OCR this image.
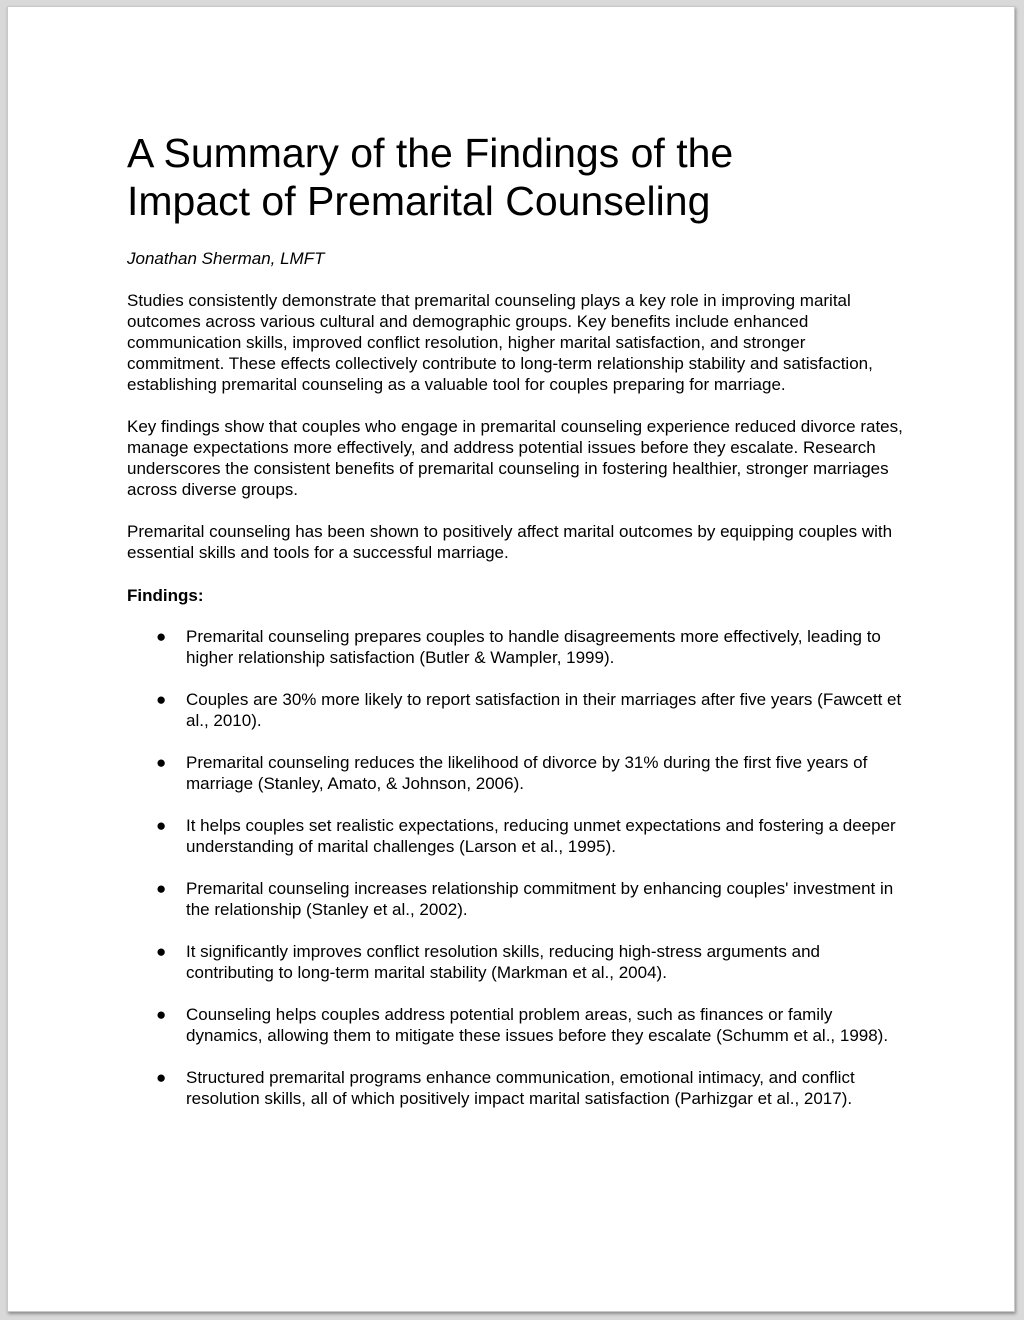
A Summary of the Findings of the
Impact of Premarital Counseling
Jonathan Sherman, LMFT
Studies consistently demonstrate that premarital counseling plays a key role in improving marital outcomes across various cultural and demographic groups. Key benefits include enhanced communication skills, improved conflict resolution, higher marital satisfaction, and stronger commitment. These effects collectively contribute to long-term relationship stability and satisfaction, establishing premarital counseling as a valuable tool for couples preparing for marriage.
Key findings show that couples who engage in premarital counseling experience reduced divorce rates, manage expectations more effectively, and address potential issues before they escalate. Research underscores the consistent benefits of premarital counseling in fostering healthier, stronger marriages across diverse groups.
Premarital counseling has been shown to positively affect marital outcomes by equipping couples with essential skills and tools for a successful marriage.
Findings:
● Premarital counseling prepares couples to handle disagreements more effectively, leading to higher relationship satisfaction (Butler & Wampler, 1999).
● Couples are 30% more likely to report satisfaction in their marriages after five years (Fawcett et al., 2010).
● Premarital counseling reduces the likelihood of divorce by 31% during the first five years of marriage (Stanley, Amato, & Johnson, 2006).
● It helps couples set realistic expectations, reducing unmet expectations and fostering a deeper understanding of marital challenges (Larson et al., 1995).
● Premarital counseling increases relationship commitment by enhancing couples' investment in the relationship (Stanley et al., 2002).
● It significantly improves conflict resolution skills, reducing high-stress arguments and contributing to long-term marital stability (Markman et al., 2004).
● Counseling helps couples address potential problem areas, such as finances or family dynamics, allowing them to mitigate these issues before they escalate (Schumm et al., 1998).
● Structured premarital programs enhance communication, emotional intimacy, and conflict resolution skills, all of which positively impact marital satisfaction (Parhizgar et al., 2017).
